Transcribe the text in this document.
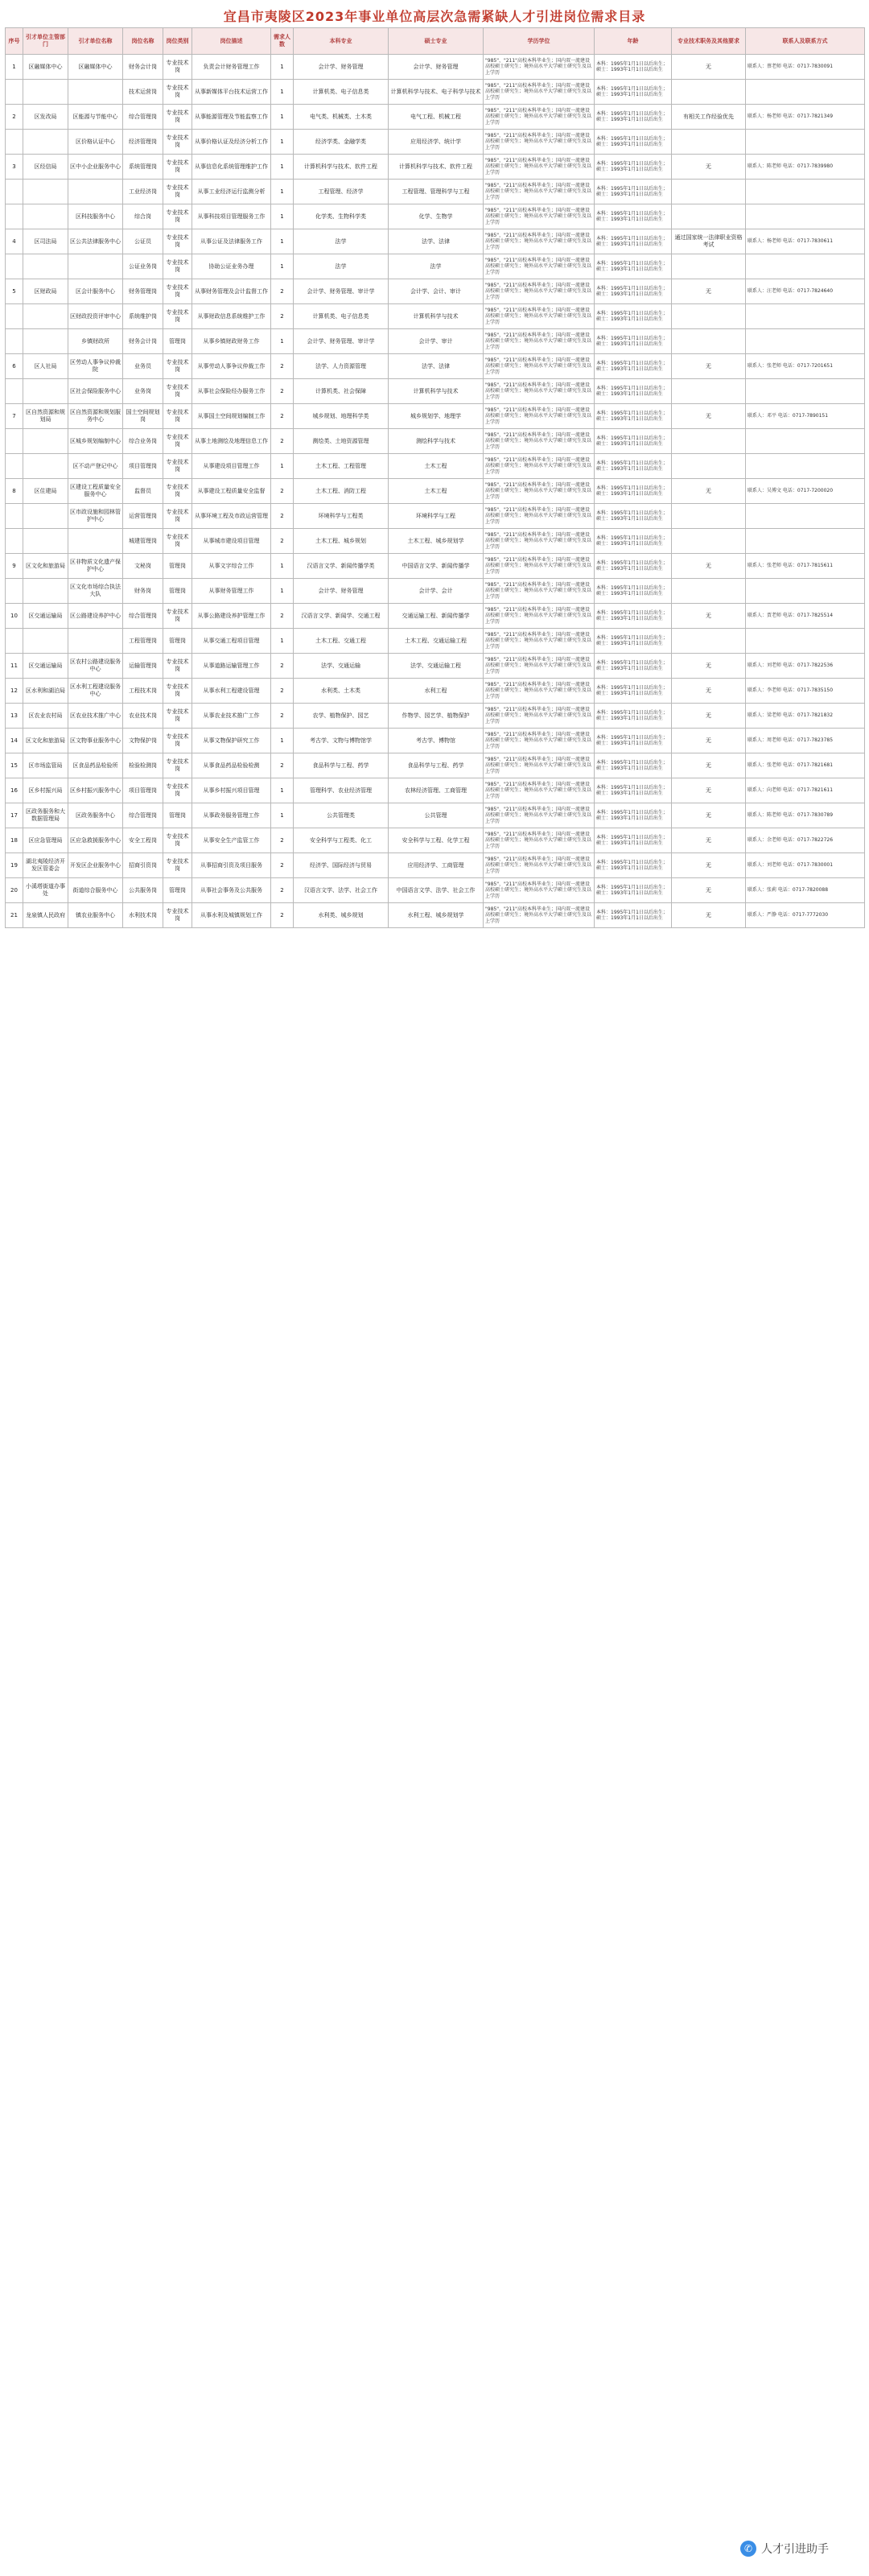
宜昌市夷陵区2023年事业单位高层次急需紧缺人才引进岗位需求目录
序号	引才单位主管部门	引才单位名称	岗位名称	岗位类别	岗位描述	需求人数	本科专业	硕士专业	学历学位	年龄	专业技术职务及其他要求	联系人及联系方式
1	区融媒体中心	区融媒体中心	财务会计岗	专业技术岗	负责会计财务管理工作	1	会计学、财务管理	会计学、财务管理	"985"、"211"高校本科毕业生；国内双一流建设高校硕士研究生；境外高水平大学硕士研究生及以上学历	本科：1995年1月1日以后出生；硕士：1993年1月1日以后出生	无	联系人：蔡老师 电话：0717-7830091
			技术运营岗	专业技术岗	从事新媒体平台技术运营工作	1	计算机类、电子信息类	计算机科学与技术、电子科学与技术	"985"、"211"高校本科毕业生；国内双一流建设高校硕士研究生；境外高水平大学硕士研究生及以上学历	本科：1995年1月1日以后出生；硕士：1993年1月1日以后出生		
2	区发改局	区能源与节能中心	综合管理岗	专业技术岗	从事能源管理及节能监察工作	1	电气类、机械类、土木类	电气工程、机械工程	"985"、"211"高校本科毕业生；国内双一流建设高校硕士研究生；境外高水平大学硕士研究生及以上学历	本科：1995年1月1日以后出生；硕士：1993年1月1日以后出生	有相关工作经验优先	联系人：杨老师 电话：0717-7821349
		区价格认证中心	经济管理岗	专业技术岗	从事价格认证及经济分析工作	1	经济学类、金融学类	应用经济学、统计学	"985"、"211"高校本科毕业生；国内双一流建设高校硕士研究生；境外高水平大学硕士研究生及以上学历	本科：1995年1月1日以后出生；硕士：1993年1月1日以后出生		
3	区经信局	区中小企业服务中心	系统管理岗	专业技术岗	从事信息化系统管理维护工作	1	计算机科学与技术、软件工程	计算机科学与技术、软件工程	"985"、"211"高校本科毕业生；国内双一流建设高校硕士研究生；境外高水平大学硕士研究生及以上学历	本科：1995年1月1日以后出生；硕士：1993年1月1日以后出生	无	联系人：陈老师 电话：0717-7839980
			工业经济岗	专业技术岗	从事工业经济运行监测分析	1	工程管理、经济学	工程管理、管理科学与工程	"985"、"211"高校本科毕业生；国内双一流建设高校硕士研究生；境外高水平大学硕士研究生及以上学历	本科：1995年1月1日以后出生；硕士：1993年1月1日以后出生		
		区科技服务中心	综合岗	专业技术岗	从事科技项目管理服务工作	1	化学类、生物科学类	化学、生物学	"985"、"211"高校本科毕业生；国内双一流建设高校硕士研究生；境外高水平大学硕士研究生及以上学历	本科：1995年1月1日以后出生；硕士：1993年1月1日以后出生		
4	区司法局	区公共法律服务中心	公证员	专业技术岗	从事公证及法律服务工作	1	法学	法学、法律	"985"、"211"高校本科毕业生；国内双一流建设高校硕士研究生；境外高水平大学硕士研究生及以上学历	本科：1995年1月1日以后出生；硕士：1993年1月1日以后出生	通过国家统一法律职业资格考试	联系人：杨老师 电话：0717-7830611
			公证业务岗	专业技术岗	协助公证业务办理	1	法学	法学	"985"、"211"高校本科毕业生；国内双一流建设高校硕士研究生；境外高水平大学硕士研究生及以上学历	本科：1995年1月1日以后出生；硕士：1993年1月1日以后出生		
5	区财政局	区会计服务中心	财务管理岗	专业技术岗	从事财务管理及会计监督工作	2	会计学、财务管理、审计学	会计学、会计、审计	"985"、"211"高校本科毕业生；国内双一流建设高校硕士研究生；境外高水平大学硕士研究生及以上学历	本科：1995年1月1日以后出生；硕士：1993年1月1日以后出生	无	联系人：汪老师 电话：0717-7824640
		区财政投资评审中心	系统维护岗	专业技术岗	从事财政信息系统维护工作	2	计算机类、电子信息类	计算机科学与技术	"985"、"211"高校本科毕业生；国内双一流建设高校硕士研究生；境外高水平大学硕士研究生及以上学历	本科：1995年1月1日以后出生；硕士：1993年1月1日以后出生		
		乡镇财政所	财务会计岗	管理岗	从事乡镇财政财务工作	1	会计学、财务管理、审计学	会计学、审计	"985"、"211"高校本科毕业生；国内双一流建设高校硕士研究生；境外高水平大学硕士研究生及以上学历	本科：1995年1月1日以后出生；硕士：1993年1月1日以后出生		
6	区人社局	区劳动人事争议仲裁院	业务员	专业技术岗	从事劳动人事争议仲裁工作	2	法学、人力资源管理	法学、法律	"985"、"211"高校本科毕业生；国内双一流建设高校硕士研究生；境外高水平大学硕士研究生及以上学历	本科：1995年1月1日以后出生；硕士：1993年1月1日以后出生	无	联系人：张老师 电话：0717-7201651
		区社会保险服务中心	业务岗	专业技术岗	从事社会保险经办服务工作	2	计算机类、社会保障	计算机科学与技术	"985"、"211"高校本科毕业生；国内双一流建设高校硕士研究生；境外高水平大学硕士研究生及以上学历	本科：1995年1月1日以后出生；硕士：1993年1月1日以后出生		
7	区自然资源和规划局	区自然资源和规划服务中心	国土空间规划岗	专业技术岗	从事国土空间规划编制工作	2	城乡规划、地理科学类	城乡规划学、地理学	"985"、"211"高校本科毕业生；国内双一流建设高校硕士研究生；境外高水平大学硕士研究生及以上学历	本科：1995年1月1日以后出生；硕士：1993年1月1日以后出生	无	联系人：邓平 电话：0717-7890151
		区城乡规划编制中心	综合业务岗	专业技术岗	从事土地测绘及地理信息工作	2	测绘类、土地资源管理	测绘科学与技术	"985"、"211"高校本科毕业生；国内双一流建设高校硕士研究生；境外高水平大学硕士研究生及以上学历	本科：1995年1月1日以后出生；硕士：1993年1月1日以后出生		
		区不动产登记中心	项目管理岗	专业技术岗	从事建设项目管理工作	1	土木工程、工程管理	土木工程	"985"、"211"高校本科毕业生；国内双一流建设高校硕士研究生；境外高水平大学硕士研究生及以上学历	本科：1995年1月1日以后出生；硕士：1993年1月1日以后出生		
8	区住建局	区建设工程质量安全服务中心	监督员	专业技术岗	从事建设工程质量安全监督	2	土木工程、消防工程	土木工程	"985"、"211"高校本科毕业生；国内双一流建设高校硕士研究生；境外高水平大学硕士研究生及以上学历	本科：1995年1月1日以后出生；硕士：1993年1月1日以后出生	无	联系人：吴博文 电话：0717-7200020
		区市政设施和园林管护中心	运营管理岗	专业技术岗	从事环境工程及市政运营管理	2	环境科学与工程类	环境科学与工程	"985"、"211"高校本科毕业生；国内双一流建设高校硕士研究生；境外高水平大学硕士研究生及以上学历	本科：1995年1月1日以后出生；硕士：1993年1月1日以后出生		
			城建管理岗	专业技术岗	从事城市建设项目管理	2	土木工程、城乡规划	土木工程、城乡规划学	"985"、"211"高校本科毕业生；国内双一流建设高校硕士研究生；境外高水平大学硕士研究生及以上学历	本科：1995年1月1日以后出生；硕士：1993年1月1日以后出生		
9	区文化和旅游局	区非物质文化遗产保护中心	文秘岗	管理岗	从事文字综合工作	1	汉语言文学、新闻传播学类	中国语言文学、新闻传播学	"985"、"211"高校本科毕业生；国内双一流建设高校硕士研究生；境外高水平大学硕士研究生及以上学历	本科：1995年1月1日以后出生；硕士：1993年1月1日以后出生	无	联系人：张老师 电话：0717-7815611
		区文化市场综合执法大队	财务岗	管理岗	从事财务管理工作	1	会计学、财务管理	会计学、会计	"985"、"211"高校本科毕业生；国内双一流建设高校硕士研究生；境外高水平大学硕士研究生及以上学历	本科：1995年1月1日以后出生；硕士：1993年1月1日以后出生		
10	区交通运输局	区公路建设养护中心	综合管理岗	专业技术岗	从事公路建设养护管理工作	2	汉语言文学、新闻学、交通工程	交通运输工程、新闻传播学	"985"、"211"高校本科毕业生；国内双一流建设高校硕士研究生；境外高水平大学硕士研究生及以上学历	本科：1995年1月1日以后出生；硕士：1993年1月1日以后出生	无	联系人：贾老师 电话：0717-7825514
			工程管理岗	管理岗	从事交通工程项目管理	1	土木工程、交通工程	土木工程、交通运输工程	"985"、"211"高校本科毕业生；国内双一流建设高校硕士研究生；境外高水平大学硕士研究生及以上学历	本科：1995年1月1日以后出生；硕士：1993年1月1日以后出生		
11	区交通运输局	区农村公路建设服务中心	运输管理岗	专业技术岗	从事道路运输管理工作	2	法学、交通运输	法学、交通运输工程	"985"、"211"高校本科毕业生；国内双一流建设高校硕士研究生；境外高水平大学硕士研究生及以上学历	本科：1995年1月1日以后出生；硕士：1993年1月1日以后出生	无	联系人：刘老师 电话：0717-7822536
12	区水利和湖泊局	区水利工程建设服务中心	工程技术岗	专业技术岗	从事水利工程建设管理	2	水利类、土木类	水利工程	"985"、"211"高校本科毕业生；国内双一流建设高校硕士研究生；境外高水平大学硕士研究生及以上学历	本科：1995年1月1日以后出生；硕士：1993年1月1日以后出生	无	联系人：李老师 电话：0717-7835150
13	区农业农村局	区农业技术推广中心	农业技术岗	专业技术岗	从事农业技术推广工作	2	农学、植物保护、园艺	作物学、园艺学、植物保护	"985"、"211"高校本科毕业生；国内双一流建设高校硕士研究生；境外高水平大学硕士研究生及以上学历	本科：1995年1月1日以后出生；硕士：1993年1月1日以后出生	无	联系人：梁老师 电话：0717-7821832
14	区文化和旅游局	区文物事业服务中心	文物保护岗	专业技术岗	从事文物保护研究工作	1	考古学、文物与博物馆学	考古学、博物馆	"985"、"211"高校本科毕业生；国内双一流建设高校硕士研究生；境外高水平大学硕士研究生及以上学历	本科：1995年1月1日以后出生；硕士：1993年1月1日以后出生	无	联系人：周老师 电话：0717-7823785
15	区市场监管局	区食品药品检验所	检验检测岗	专业技术岗	从事食品药品检验检测	2	食品科学与工程、药学	食品科学与工程、药学	"985"、"211"高校本科毕业生；国内双一流建设高校硕士研究生；境外高水平大学硕士研究生及以上学历	本科：1995年1月1日以后出生；硕士：1993年1月1日以后出生	无	联系人：张老师 电话：0717-7821681
16	区乡村振兴局	区乡村振兴服务中心	项目管理岗	专业技术岗	从事乡村振兴项目管理	1	管理科学、农业经济管理	农林经济管理、工商管理	"985"、"211"高校本科毕业生；国内双一流建设高校硕士研究生；境外高水平大学硕士研究生及以上学历	本科：1995年1月1日以后出生；硕士：1993年1月1日以后出生	无	联系人：向老师 电话：0717-7821611
17	区政务服务和大数据管理局	区政务服务中心	综合管理岗	管理岗	从事政务服务管理工作	1	公共管理类	公共管理	"985"、"211"高校本科毕业生；国内双一流建设高校硕士研究生；境外高水平大学硕士研究生及以上学历	本科：1995年1月1日以后出生；硕士：1993年1月1日以后出生	无	联系人：陈老师 电话：0717-7830789
18	区应急管理局	区应急救援服务中心	安全工程岗	专业技术岗	从事安全生产监管工作	2	安全科学与工程类、化工	安全科学与工程、化学工程	"985"、"211"高校本科毕业生；国内双一流建设高校硕士研究生；境外高水平大学硕士研究生及以上学历	本科：1995年1月1日以后出生；硕士：1993年1月1日以后出生	无	联系人：余老师 电话：0717-7822726
19	湖北夷陵经济开发区管委会	开发区企业服务中心	招商引资岗	专业技术岗	从事招商引资及项目服务	2	经济学、国际经济与贸易	应用经济学、工商管理	"985"、"211"高校本科毕业生；国内双一流建设高校硕士研究生；境外高水平大学硕士研究生及以上学历	本科：1995年1月1日以后出生；硕士：1993年1月1日以后出生	无	联系人：刘老师 电话：0717-7830001
20	小溪塔街道办事处	街道综合服务中心	公共服务岗	管理岗	从事社会事务及公共服务	2	汉语言文学、法学、社会工作	中国语言文学、法学、社会工作	"985"、"211"高校本科毕业生；国内双一流建设高校硕士研究生；境外高水平大学硕士研究生及以上学历	本科：1995年1月1日以后出生；硕士：1993年1月1日以后出生	无	联系人：张莉 电话：0717-7820088
21	龙泉镇人民政府	镇农业服务中心	水利技术岗	专业技术岗	从事水利及城镇规划工作	2	水利类、城乡规划	水利工程、城乡规划学	"985"、"211"高校本科毕业生；国内双一流建设高校硕士研究生；境外高水平大学硕士研究生及以上学历	本科：1995年1月1日以后出生；硕士：1993年1月1日以后出生	无	联系人：严静 电话：0717-7772030
✆ 人才引进助手
